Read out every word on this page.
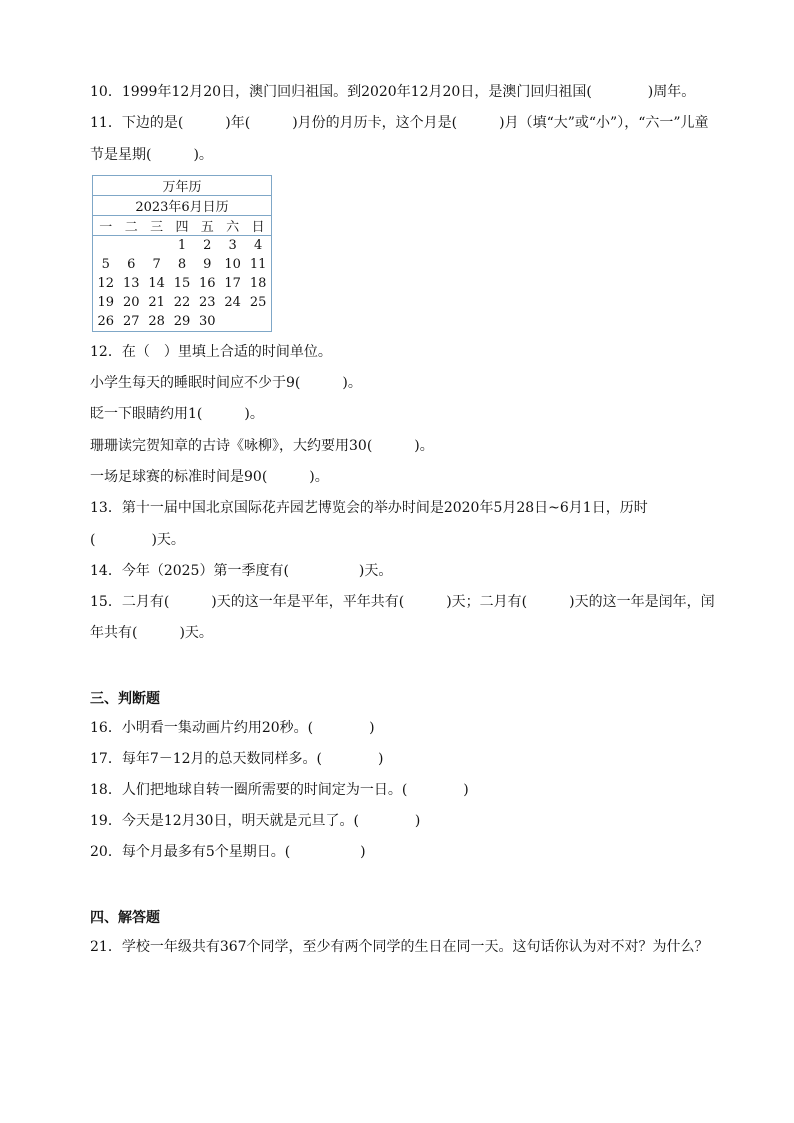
10．1999年12月20日，澳门回归祖国。到2020年12月20日，是澳门回归祖国(　　　　)周年。
11．下边的是(　　　)年(　　　)月份的月历卡，这个月是(　　　)月（填“大”或“小”），“六一”儿童
节是星期(　　　)。
万年历						
2023年6月日历						
一	二	三	四	五	六	日
			1	2	3	4
5	6	7	8	9	10	11
12	13	14	15	16	17	18
19	20	21	22	23	24	25
26	27	28	29	30		
12．在（　）里填上合适的时间单位。
小学生每天的睡眠时间应不少于9(　　　)。
眨一下眼睛约用1(　　　)。
珊珊读完贺知章的古诗《咏柳》，大约要用30(　　　)。
一场足球赛的标准时间是90(　　　)。
13．第十一届中国北京国际花卉园艺博览会的举办时间是2020年5月28日~6月1日，历时
(　　　　)天。
14．今年（2025）第一季度有(　　　　　)天。
15．二月有(　　　)天的这一年是平年，平年共有(　　　)天；二月有(　　　)天的这一年是闰年，闰
年共有(　　　)天。
三、判断题
16．小明看一集动画片约用20秒。(　　　　)
17．每年7－12月的总天数同样多。(　　　　)
18．人们把地球自转一圈所需要的时间定为一日。(　　　　)
19．今天是12月30日，明天就是元旦了。(　　　　)
20．每个月最多有5个星期日。(　　　　　)
四、解答题
21．学校一年级共有367个同学，至少有两个同学的生日在同一天。这句话你认为对不对？为什么？
